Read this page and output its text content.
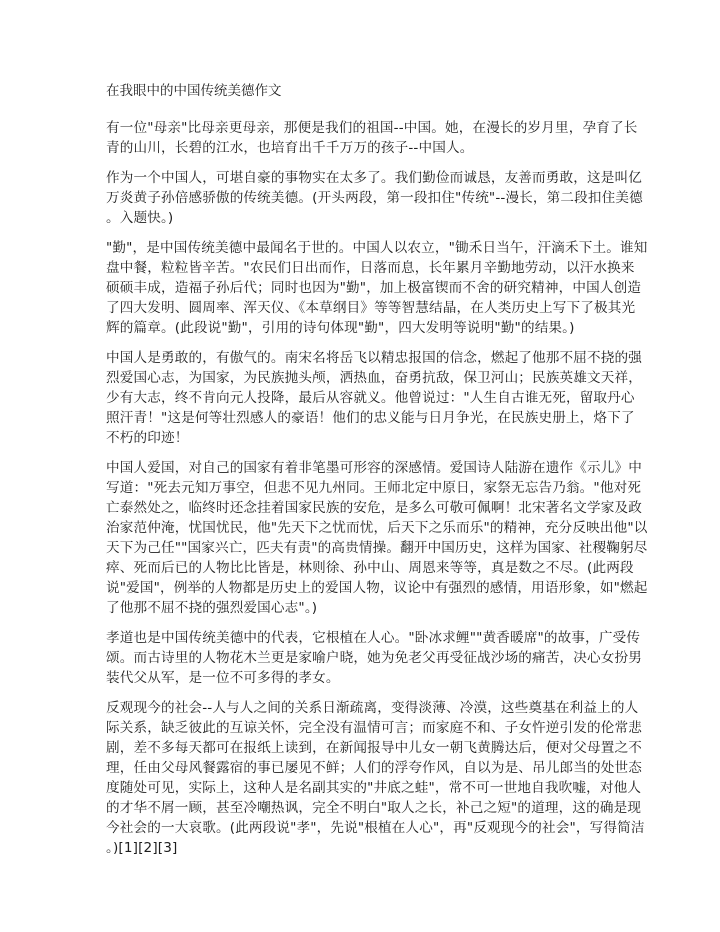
在我眼中的中国传统美德作文
有一位"母亲"比母亲更母亲，那便是我们的祖国--中国。她，在漫长的岁月里，孕育了长
青的山川，长碧的江水，也培育出千千万万的孩子--中国人。
作为一个中国人，可堪自豪的事物实在太多了。我们勤俭而诚恳，友善而勇敢，这是叫亿
万炎黄子孙倍感骄傲的传统美德。(开头两段，第一段扣住"传统"--漫长，第二段扣住美德
。入题快。)
"勤"，是中国传统美德中最闻名于世的。中国人以农立，"锄禾日当午，汗滴禾下土。谁知
盘中餐，粒粒皆辛苦。"农民们日出而作，日落而息，长年累月辛勤地劳动，以汗水换来
硕硕丰成，造福子孙后代；同时也因为"勤"，加上极富锲而不舍的研究精神，中国人创造
了四大发明、圆周率、浑天仪、《本草纲目》等等智慧结晶，在人类历史上写下了极其光
辉的篇章。(此段说"勤"，引用的诗句体现"勤"，四大发明等说明"勤"的结果。)
中国人是勇敢的，有傲气的。南宋名将岳飞以精忠报国的信念，燃起了他那不屈不挠的强
烈爱国心志，为国家，为民族抛头颅，洒热血，奋勇抗敌，保卫河山；民族英雄文天祥，
少有大志，终不肯向元人投降，最后从容就义。他曾说过："人生自古谁无死，留取丹心
照汗青！"这是何等壮烈感人的豪语！他们的忠义能与日月争光，在民族史册上，烙下了
不朽的印迹！
中国人爱国，对自己的国家有着非笔墨可形容的深感情。爱国诗人陆游在遗作《示儿》中
写道："死去元知万事空，但悲不见九州同。王师北定中原日，家祭无忘告乃翁。"他对死
亡泰然处之，临终时还念挂着国家民族的安危，是多么可敬可佩啊！北宋著名文学家及政
治家范仲淹，忧国忧民，他"先天下之忧而忧，后天下之乐而乐"的精神，充分反映出他"以
天下为己任""国家兴亡，匹夫有责"的高贵情操。翻开中国历史，这样为国家、社稷鞠躬尽
瘁、死而后已的人物比比皆是，林则徐、孙中山、周恩来等等，真是数之不尽。(此两段
说"爱国"，例举的人物都是历史上的爱国人物，议论中有强烈的感情，用语形象，如"燃起
了他那不屈不挠的强烈爱国心志"。)
孝道也是中国传统美德中的代表，它根植在人心。"卧冰求鲤""黄香暖席"的故事，广受传
颂。而古诗里的人物花木兰更是家喻户晓，她为免老父再受征战沙场的痛苦，决心女扮男
装代父从军，是一位不可多得的孝女。
反观现今的社会--人与人之间的关系日渐疏离，变得淡薄、冷漠，这些奠基在利益上的人
际关系，缺乏彼此的互谅关怀，完全没有温情可言；而家庭不和、子女忤逆引发的伦常悲
剧，差不多每天都可在报纸上读到，在新闻报导中儿女一朝飞黄腾达后，便对父母置之不
理，任由父母风餐露宿的事已屡见不鲜；人们的浮夸作风，自以为是、吊儿郎当的处世态
度随处可见，实际上，这种人是名副其实的"井底之蛙"，常不可一世地自我吹嘘，对他人
的才华不屑一顾，甚至冷嘲热讽，完全不明白"取人之长，补己之短"的道理，这的确是现
今社会的一大哀歌。(此两段说"孝"，先说"根植在人心"，再"反观现今的社会"，写得简洁
。)[1][2][3]
